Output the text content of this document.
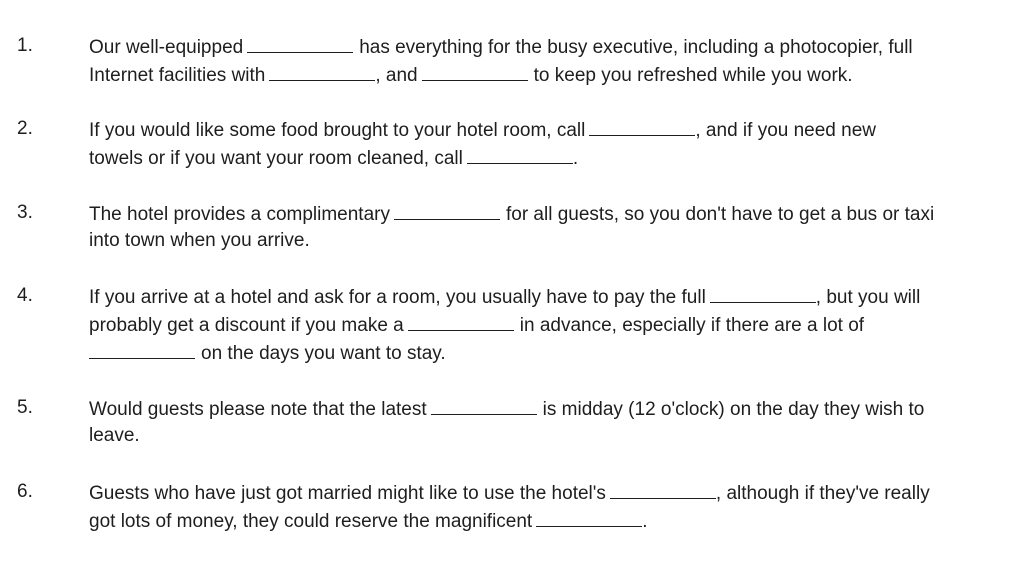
1.	Our well-equipped	has everything for the busy executive, including a photocopier, full
Internet facilities with	, and	to keep you refreshed while you work.
2.	If you would like some food brought to your hotel room, call	, and if you need new
towels or if you want your room cleaned, call	.
3.	The hotel provides a complimentary	for all guests, so you don't have to get a bus or taxi
into town when you arrive.
4.	If you arrive at a hotel and ask for a room, you usually have to pay the full	, but you will
probably get a discount if you make a	in advance, especially if there are a lot of
on the days you want to stay.
5.	Would guests please note that the latest	is midday (12 o'clock) on the day they wish to
leave.
6.	Guests who have just got married might like to use the hotel's	, although if they've really
got lots of money, they could reserve the magnificent	.
